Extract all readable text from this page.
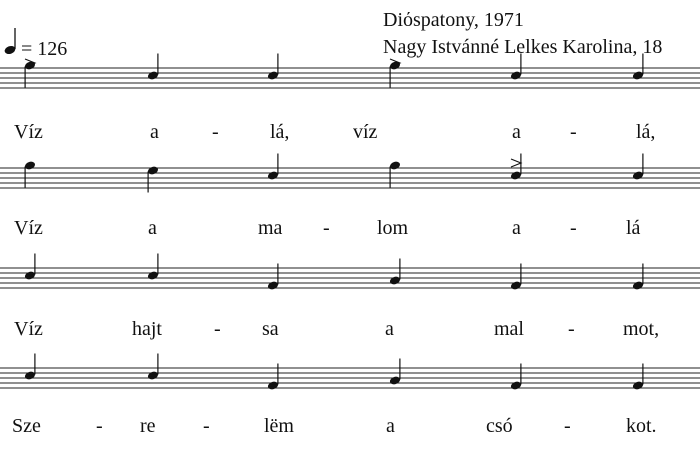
Diόspatony, 1971
Nagy Istvánné Lelkes Karolina, 18
= 126
Víz	a	-	lá,	víz	a -	lá,
Víz	a	ma - lom	a - lá
Víz	hajt	- sa	a	mal - mot,
Sze	- re -	lëm	a	csó	-	kot.
